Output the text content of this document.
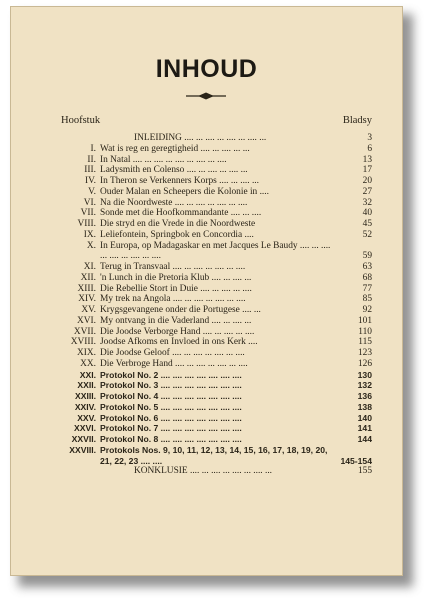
INHOUD
Hoofstuk	Bladsy
INLEIDING .... ... .... ... .... ... .... ...	3
I. Wat is reg en geregtigheid .... ... .... ... ...	6
II. In Natal .... ... .... ... .... ... .... ... ....	13
III. Ladysmith en Colenso .... ... .... ... .... ...	17
IV. In Theron se Verkenners Korps .... ... .... ...	20
V. Ouder Malan en Scheepers die Kolonie in ....	27
VI. Na die Noordweste .... ... .... ... .... ... ....	32
VII. Sonde met die Hoofkommandante .... ... ....	40
VIII. Die stryd en die Vrede in die Noordweste	45
IX. Leliefontein, Springbok en Concordia ....	52
X. In Europa, op Madagaskar en met Jacques Le Baudy .... ... .... ... .... ... .... ... ....	59
XI. Terug in Transvaal .... ... .... ... .... ... ....	63
XII. 'n Lunch in die Pretoria Klub .... ... .... ...	68
XIII. Die Rebellie Stort in Duie .... ... .... ... ....	77
XIV. My trek na Angola .... ... .... ... .... ... ....	85
XV. Krygsgevangene onder die Portugese .... ...	92
XVI. My ontvang in die Vaderland .... ... .... ...	101
XVII. Die Joodse Verborge Hand .... ... .... ... ....	110
XVIII. Joodse Afkoms en Invloed in ons Kerk ....	115
XIX. Die Joodse Geloof .... ... .... ... .... ... ....	123
XX. Die Verbroge Hand .... ... .... ... .... ... ....	126
XXI. Protokol No. 2 .... .... .... .... .... .... ....	130
XXII. Protokol No. 3 .... .... .... .... .... .... ....	132
XXIII. Protokol No. 4 .... .... .... .... .... .... ....	136
XXIV. Protokol No. 5 .... .... .... .... .... .... ....	138
XXV. Protokol No. 6 .... .... .... .... .... .... ....	140
XXVI. Protokol No. 7 .... .... .... .... .... .... ....	141
XXVII. Protokol No. 8 .... .... .... .... .... .... ....	144
XXVIII. Protokols Nos. 9, 10, 11, 12, 13, 14, 15, 16, 17, 18, 19, 20, 21, 22, 23 .... ....	145-154
KONKLUSIE .... ... .... ... .... ... .... ...	155
